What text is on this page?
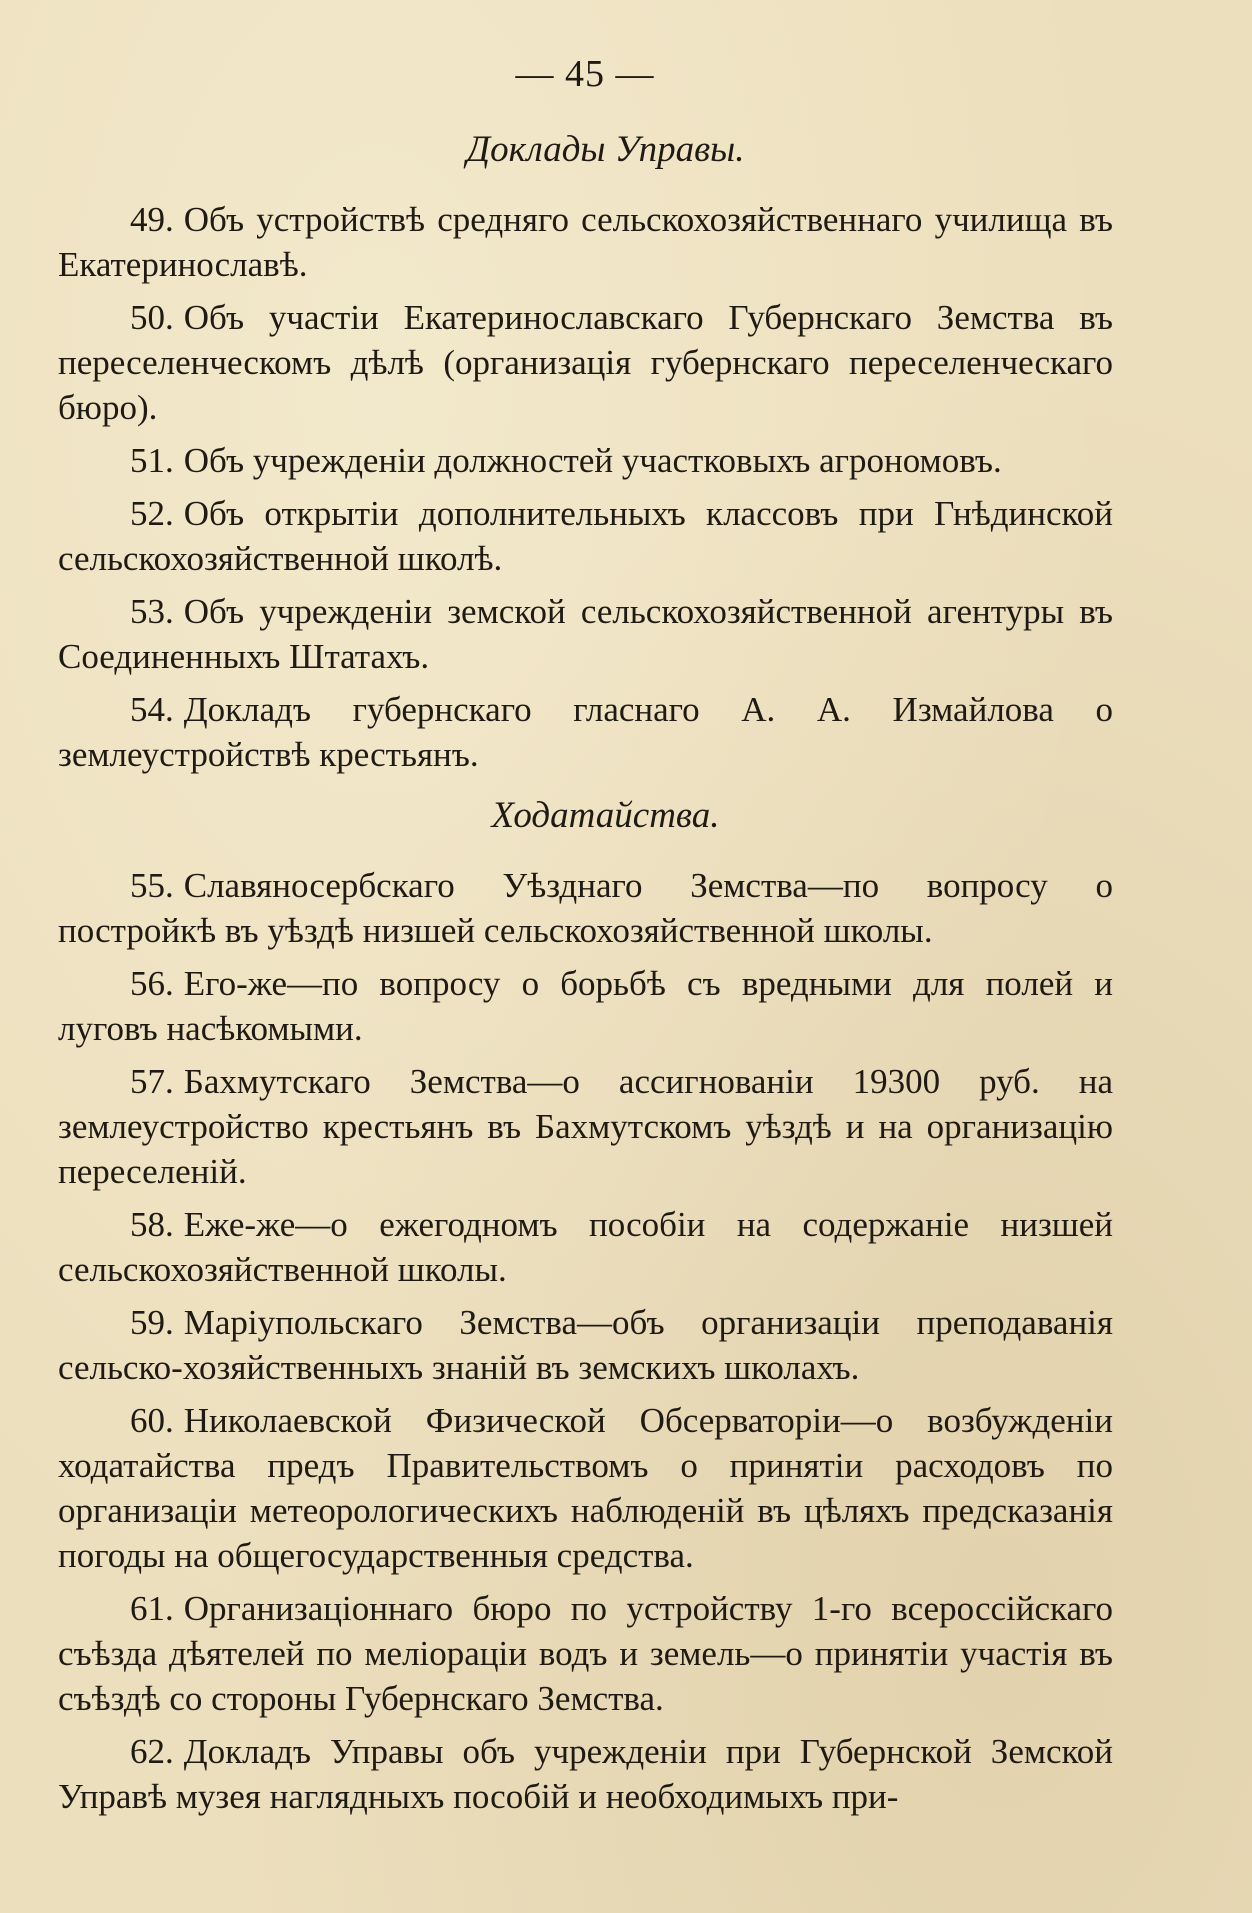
— 45 —
Доклады Управы.

49. Объ устройствѣ средняго сельскохозяйственнаго училища въ Екатеринославѣ.

50. Объ участіи Екатеринославскаго Губернскаго Земства въ переселенческомъ дѣлѣ (организація губернскаго переселенческаго бюро).

51. Объ учрежденіи должностей участковыхъ агрономовъ.

52. Объ открытіи дополнительныхъ классовъ при Гнѣдинской сельскохозяйственной школѣ.

53. Объ учрежденіи земской сельскохозяйственной агентуры въ Соединенныхъ Штатахъ.

54. Докладъ губернскаго гласнаго А. А. Измайлова о землеустройствѣ крестьянъ.

Ходатайства.

55. Славяносербскаго Уѣзднаго Земства—по вопросу о постройкѣ въ уѣздѣ низшей сельскохозяйственной школы.

56. Его-же—по вопросу о борьбѣ съ вредными для полей и луговъ насѣкомыми.

57. Бахмутскаго Земства—о ассигнованіи 19300 руб. на землеустройство крестьянъ въ Бахмутскомъ уѣздѣ и на организацію переселеній.

58. Еже-же—о ежегодномъ пособіи на содержаніе низшей сельскохозяйственной школы.

59. Маріупольскаго Земства—объ организаціи преподаванія сельско-хозяйственныхъ знаній въ земскихъ школахъ.

60. Николаевской Физической Обсерваторіи—о возбужденіи ходатайства предъ Правительствомъ о принятіи расходовъ по организаціи метеорологическихъ наблюденій въ цѣляхъ предсказанія погоды на общегосударственныя средства.

61. Организаціоннаго бюро по устройству 1-го всероссійскаго съѣзда дѣятелей по меліораціи водъ и земель—о принятіи участія въ съѣздѣ со стороны Губернскаго Земства.

62. Докладъ Управы объ учрежденіи при Губернской Земской Управѣ музея наглядныхъ пособій и необходимыхъ при-
